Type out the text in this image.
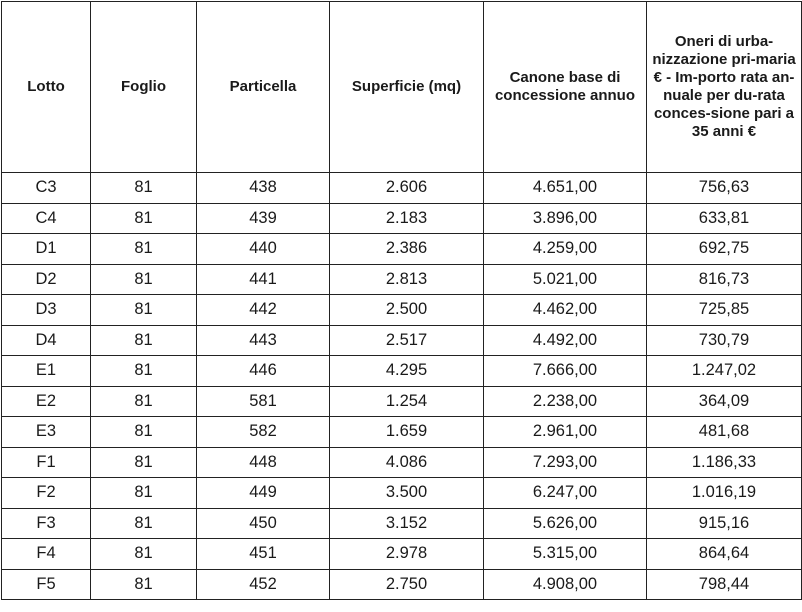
Lotto	Foglio	Particella	Superficie (mq)	Canone base di concessione annuo	Oneri di urba-nizzazione pri-maria € - Im-porto rata an-nuale per du-rata conces-sione pari a 35 anni €
C3	81	438	2.606	4.651,00	756,63
C4	81	439	2.183	3.896,00	633,81
D1	81	440	2.386	4.259,00	692,75
D2	81	441	2.813	5.021,00	816,73
D3	81	442	2.500	4.462,00	725,85
D4	81	443	2.517	4.492,00	730,79
E1	81	446	4.295	7.666,00	1.247,02
E2	81	581	1.254	2.238,00	364,09
E3	81	582	1.659	2.961,00	481,68
F1	81	448	4.086	7.293,00	1.186,33
F2	81	449	3.500	6.247,00	1.016,19
F3	81	450	3.152	5.626,00	915,16
F4	81	451	2.978	5.315,00	864,64
F5	81	452	2.750	4.908,00	798,44
